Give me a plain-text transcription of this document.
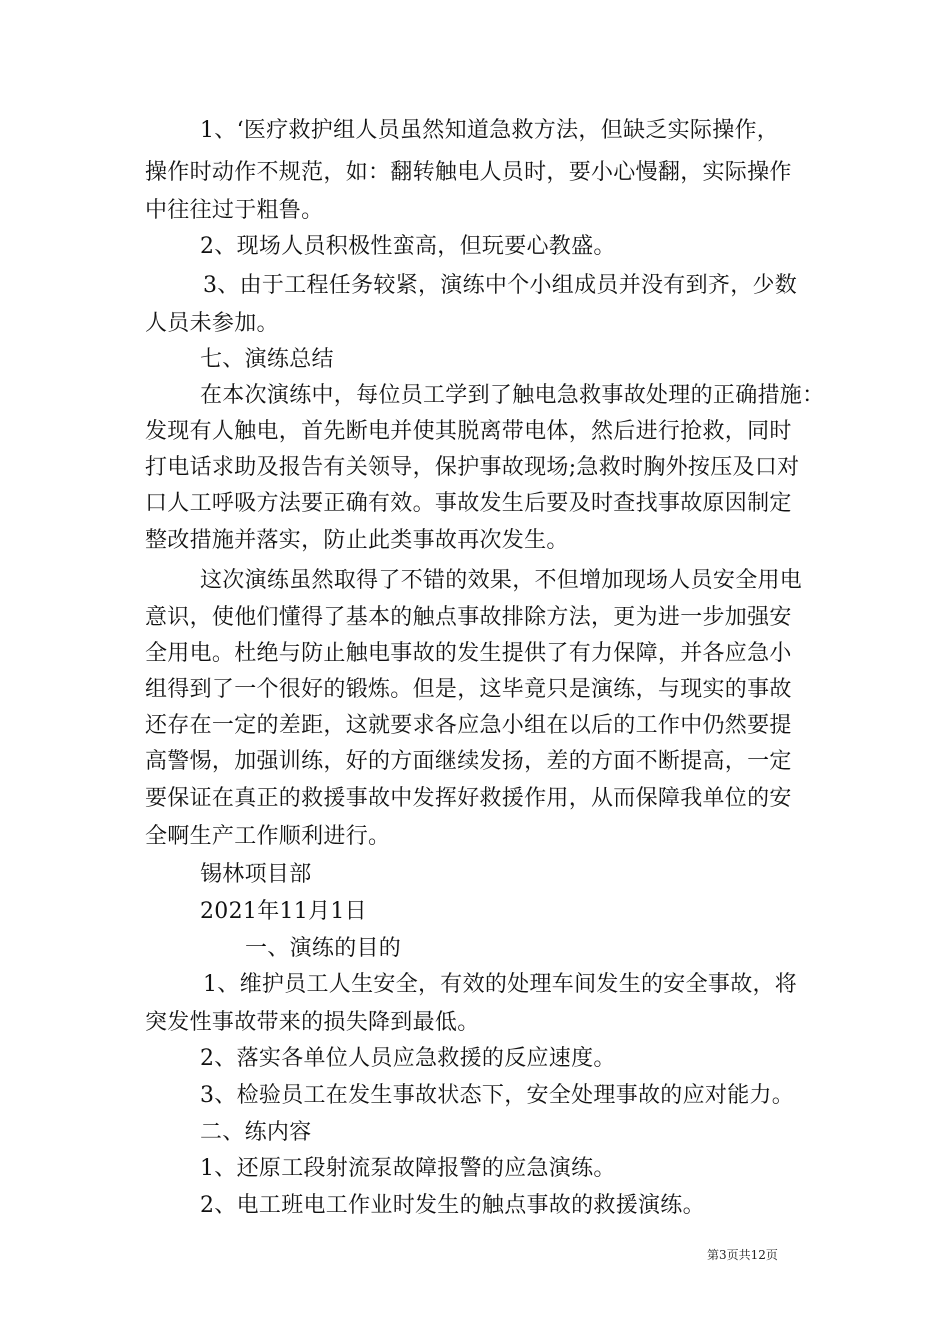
1、‘医疗救护组人员虽然知道急救方法，但缺乏实际操作，
操作时动作不规范，如：翻转触电人员时，要小心慢翻，实际操作
中往往过于粗鲁。
2、现场人员积极性蛮高，但玩要心教盛。
3、由于工程任务较紧，演练中个小组成员并没有到齐，少数
人员未参加。
七、演练总结
在本次演练中，每位员工学到了触电急救事故处理的正确措施：
发现有人触电，首先断电并使其脱离带电体，然后进行抢救，同时
打电话求助及报告有关领导，保护事故现场;急救时胸外按压及口对
口人工呼吸方法要正确有效。事故发生后要及时查找事故原因制定
整改措施并落实，防止此类事故再次发生。
这次演练虽然取得了不错的效果，不但增加现场人员安全用电
意识，使他们懂得了基本的触点事故排除方法，更为进一步加强安
全用电。杜绝与防止触电事故的发生提供了有力保障，并各应急小
组得到了一个很好的锻炼。但是，这毕竟只是演练，与现实的事故
还存在一定的差距，这就要求各应急小组在以后的工作中仍然要提
高警惕，加强训练，好的方面继续发扬，差的方面不断提高，一定
要保证在真正的救援事故中发挥好救援作用，从而保障我单位的安
全啊生产工作顺利进行。
锡林项目部
2021年11月1日
一、演练的目的
1、维护员工人生安全，有效的处理车间发生的安全事故，将
突发性事故带来的损失降到最低。
2、落实各单位人员应急救援的反应速度。
3、检验员工在发生事故状态下，安全处理事故的应对能力。
二、练内容
1、还原工段射流泵故障报警的应急演练。
2、电工班电工作业时发生的触点事故的救援演练。
第3页共12页
